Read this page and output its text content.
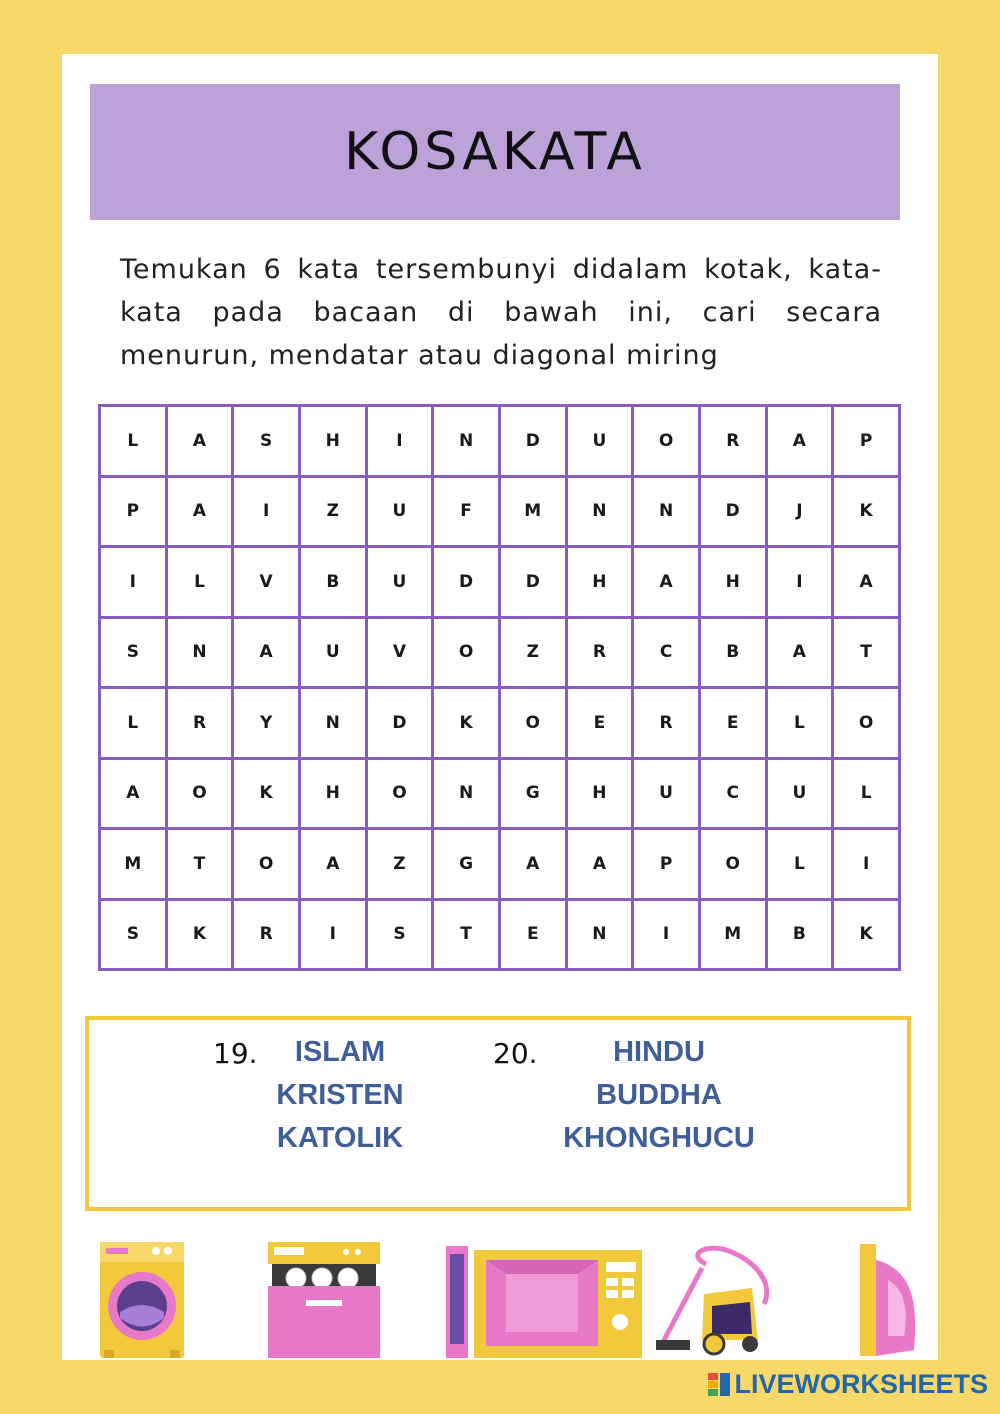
KOSAKATA
Temukan 6 kata tersembunyi didalam kotak, kata-kata pada bacaan di bawah ini, cari secara menurun, mendatar atau diagonal miring
L	A	S	H	I	N	D	U	O	R	A	P
P	A	I	Z	U	F	M	N	N	D	J	K
I	L	V	B	U	D	D	H	A	H	I	A
S	N	A	U	V	O	Z	R	C	B	A	T
L	R	Y	N	D	K	O	E	R	E	L	O
A	O	K	H	O	N	G	H	U	C	U	L
M	T	O	A	Z	G	A	A	P	O	L	I
S	K	R	I	S	T	E	N	I	M	B	K
19.	ISLAM
KRISTEN
KATOLIK
20.	HINDU
BUDDHA
KHONGHUCU
LIVEWORKSHEETS
